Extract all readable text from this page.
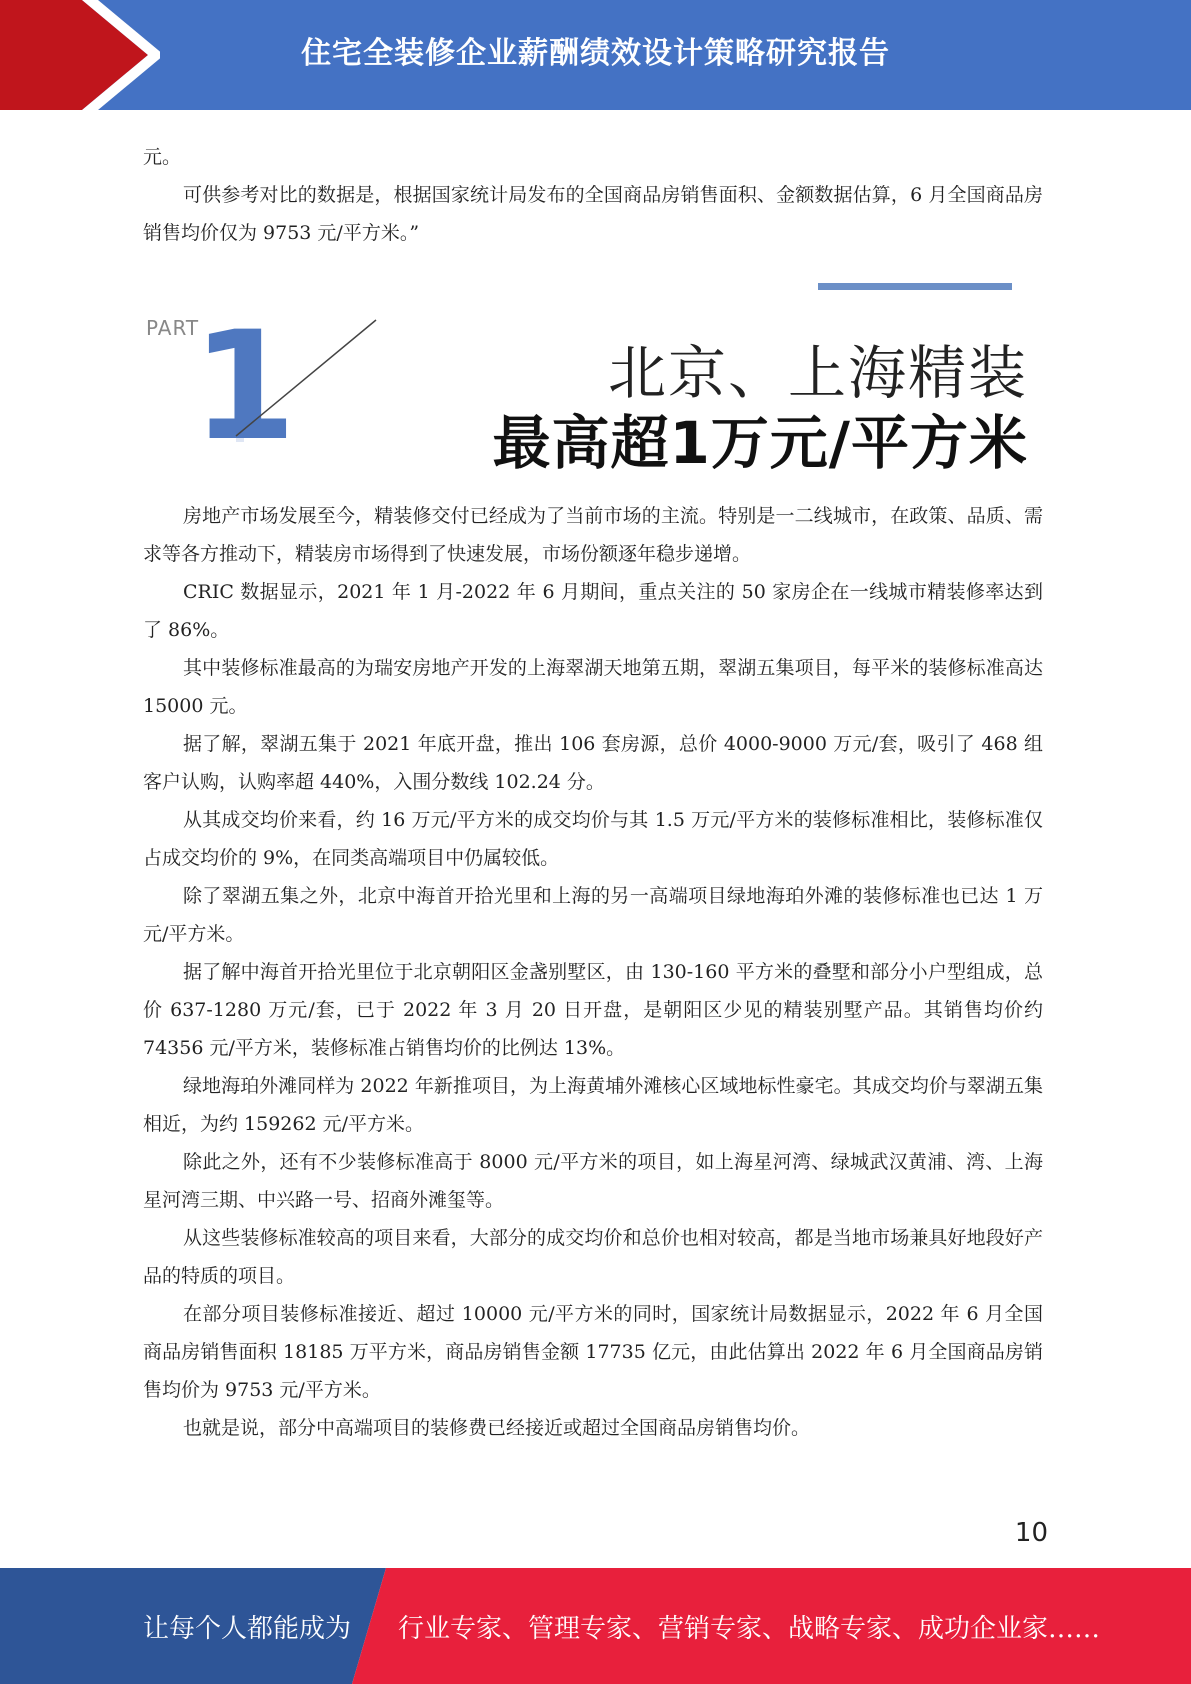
住宅全装修企业薪酬绩效设计策略研究报告

元。

可供参考对比的数据是，根据国家统计局发布的全国商品房销售面积、金额数据估算，6 月全国商品房销售均价仅为 9753 元/平方米。”

PART
1	北京、上海精装
最高超1万元/平方米

房地产市场发展至今，精装修交付已经成为了当前市场的主流。特别是一二线城市，在政策、品质、需求等各方推动下，精装房市场得到了快速发展，市场份额逐年稳步递增。

CRIC 数据显示，2021 年 1 月-2022 年 6 月期间，重点关注的 50 家房企在一线城市精装修率达到了 86%。

其中装修标准最高的为瑞安房地产开发的上海翠湖天地第五期，翠湖五集项目，每平米的装修标准高达 15000 元。

据了解，翠湖五集于 2021 年底开盘，推出 106 套房源，总价 4000-9000 万元/套，吸引了 468 组客户认购，认购率超 440%，入围分数线 102.24 分。

从其成交均价来看，约 16 万元/平方米的成交均价与其 1.5 万元/平方米的装修标准相比，装修标准仅占成交均价的 9%，在同类高端项目中仍属较低。

除了翠湖五集之外，北京中海首开拾光里和上海的另一高端项目绿地海珀外滩的装修标准也已达 1 万元/平方米。

据了解中海首开拾光里位于北京朝阳区金盏别墅区，由 130-160 平方米的叠墅和部分小户型组成，总价 637-1280 万元/套，已于 2022 年 3 月 20 日开盘，是朝阳区少见的精装别墅产品。其销售均价约 74356 元/平方米，装修标准占销售均价的比例达 13%。

绿地海珀外滩同样为 2022 年新推项目，为上海黄埔外滩核心区域地标性豪宅。其成交均价与翠湖五集相近，为约 159262 元/平方米。

除此之外，还有不少装修标准高于 8000 元/平方米的项目，如上海星河湾、绿城武汉黄浦、湾、上海星河湾三期、中兴路一号、招商外滩玺等。

从这些装修标准较高的项目来看，大部分的成交均价和总价也相对较高，都是当地市场兼具好地段好产品的特质的项目。

在部分项目装修标准接近、超过 10000 元/平方米的同时，国家统计局数据显示，2022 年 6 月全国商品房销售面积 18185 万平方米，商品房销售金额 17735 亿元，由此估算出 2022 年 6 月全国商品房销售均价为 9753 元/平方米。

也就是说，部分中高端项目的装修费已经接近或超过全国商品房销售均价。

10
让每个人都能成为 行业专家、管理专家、营销专家、战略专家、成功企业家……
